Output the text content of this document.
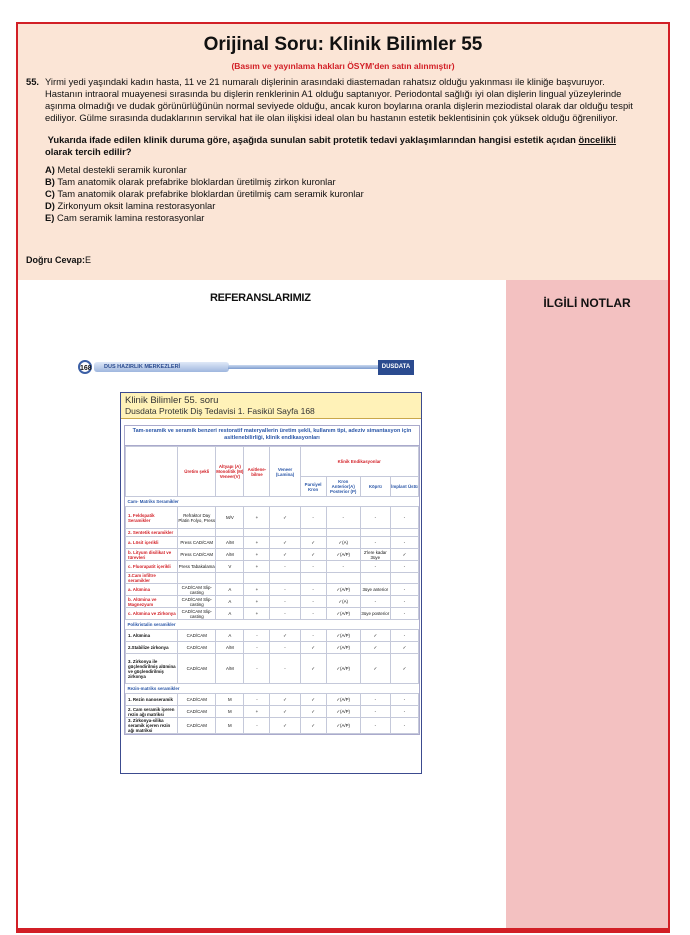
Orijinal Soru: Klinik Bilimler 55
(Basım ve yayınlama hakları ÖSYM'den satın alınmıştır)
55. Yirmi yedi yaşındaki kadın hasta, 11 ve 21 numaralı dişlerinin arasındaki diastemadan rahatsız olduğu yakınması ile kliniğe başvuruyor. Hastanın intraoral muayenesi sırasında bu dişlerin renklerinin A1 olduğu saptanıyor. Periodontal sağlığı iyi olan dişlerin lingual yüzeylerinde aşınma olmadığı ve dudak görünürlüğünün normal seviyede olduğu, ancak kuron boylarına oranla dişlerin meziodistal olarak dar olduğu tespit ediliyor. Gülme sırasında dudaklarının servikal hat ile olan ilişkisi ideal olan bu hastanın estetik beklentisinin çok yüksek olduğu öğreniliyor.
Yukarıda ifade edilen klinik duruma göre, aşağıda sunulan sabit protetik tedavi yaklaşımlarından hangisi estetik açıdan öncelikli olarak tercih edilir?
A) Metal destekli seramik kuronlar
B) Tam anatomik olarak prefabrike bloklardan üretilmiş zirkon kuronlar
C) Tam anatomik olarak prefabrike bloklardan üretilmiş cam seramik kuronlar
D) Zirkonyum oksit lamina restorasyonlar
E) Cam seramik lamina restorasyonlar
Doğru Cevap:E
İLGİLİ NOTLAR
REFERANSLARIMIZ
168	DUS HAZIRLIK MERKEZLERİ	DUSDATA
Klinik Bilimler 55. soru
Dusdata Protetik Diş Tedavisi 1. Fasikül Sayfa 168
Tam-seramik ve seramik benzeri restoratif materyallerin üretim şekli, kullanım tipi, adeziv simantasyon için asitlenebilirliği, klinik endikasyonları
	Üretim şekli	Altyapı (A) Monolitik (M) Veneer(V)	Asitlene-bilme	Veneer (Lamina)	Klinik Endikasyonlar			
					Parsiyel Kron	Kron Anterior(A) Posterior (P)	Köprü	İmplant Üstü
Cam- Matriks Seramikler								
1. Feldspatik Seramikler	Refraktor Day Platin Folyo, Press	M/V	+	✓	-	-	-	-
2. Sentetik seramikler								
a. Lösit içerikli	Press CAD/CAM	A/M	+	✓	✓	✓(A)	-	-
b. Lityum disilikat ve türevleri	Press CAD/CAM	A/M	+	✓	✓	✓(A/P)	2'lere kadar 3üye	✓
c. Fluorapatit içerikli	Press Tabakalama	V	+	-	-	-	-	-
3.Cam infiltre seramikler								
a. Alümina	CAD/CAM Slip-casting	A	+	-	-	✓(A/P)	3üye anterior	-
b. Alümina ve Magnezyum	CAD/CAM Slip-casting	A	+	-	-	✓(A)	-	-
c. Alümina ve Zirkonya	CAD/CAM Slip-casting	A	+	-	-	✓(A/P)	3üye posterior	-
Polikristalin seramikler								
1. Alümina	CAD/CAM	A	-	✓	-	✓(A/P)	✓	-
2.Stabilize zirkonya	CAD/CAM	A/M	-	-	✓	✓(A/P)	✓	✓
3. Zirkonya ile güçlendirilmiş alümina ve güçlendirilmiş zirkonya	CAD/CAM	A/M	-	-	✓	✓(A/P)	✓	✓
Rezin-matriks seramikler								
1. Rezin nanoseramik	CAD/CAM	M	-	✓	✓	✓(A/P)	-	-
2. Cam seramik içeren rezin ağı matriksi	CAD/CAM	M	+	✓	✓	✓(A/P)	-	-
3. Zirkonya-silika seramik içeren rezin ağı matriksi	CAD/CAM	M	-	✓	✓	✓(A/P)	-	-
